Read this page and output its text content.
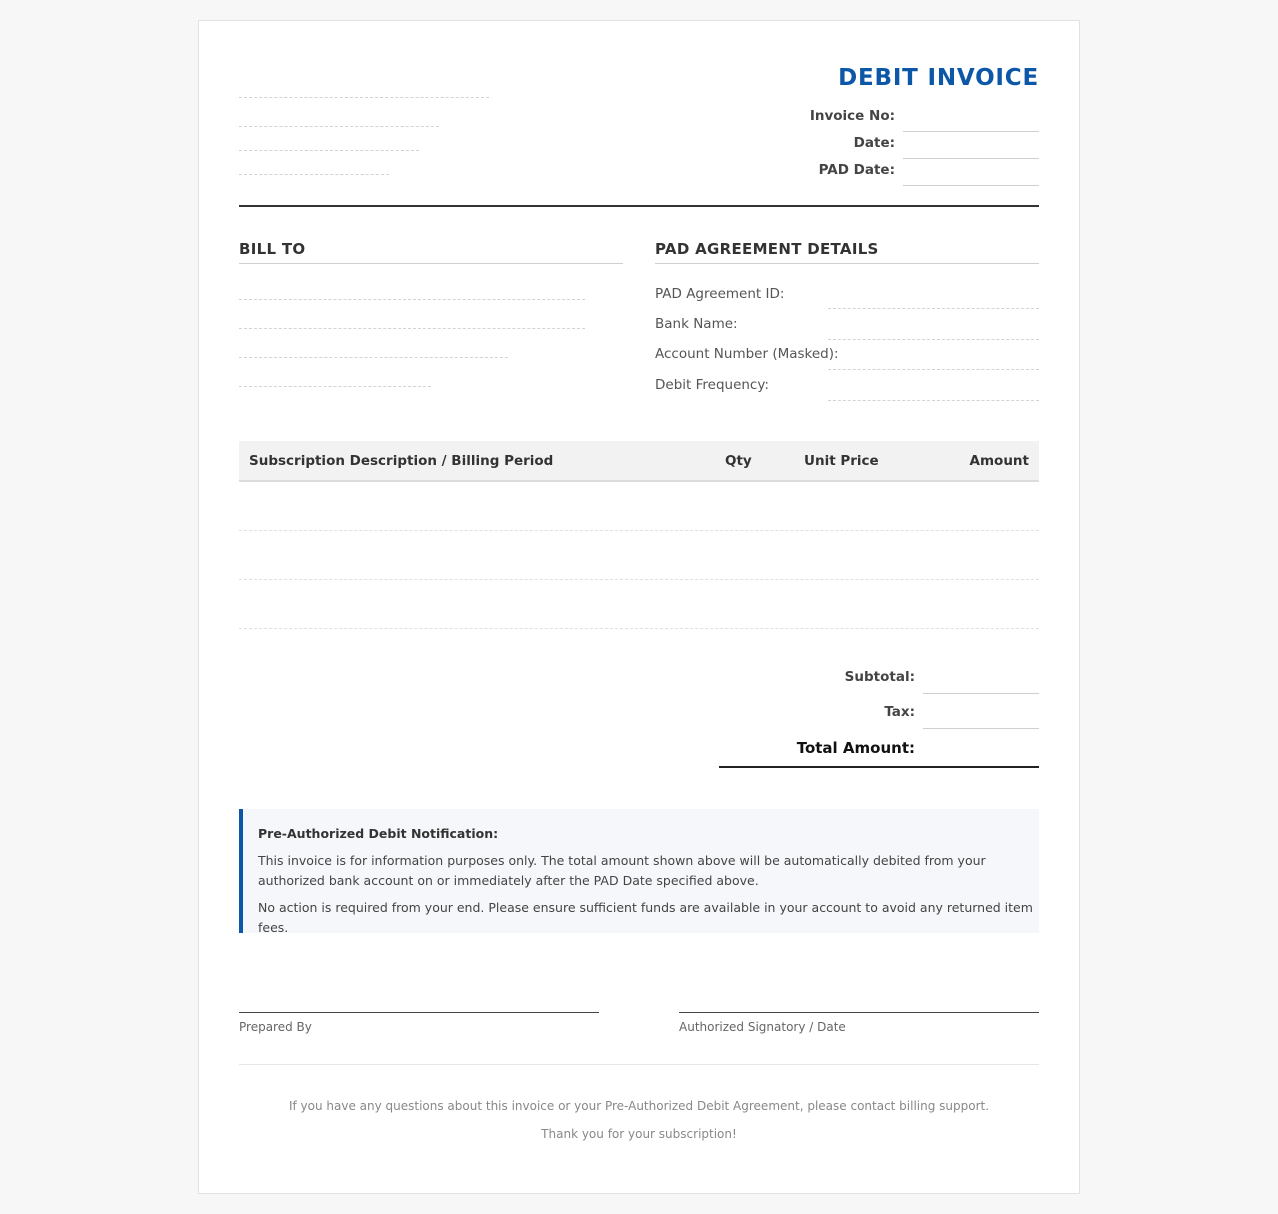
DEBIT INVOICE
Invoice No:
Date:
PAD Date:
BILL TO	PAD AGREEMENT DETAILS
PAD Agreement ID:
Bank Name:
Account Number (Masked):
Debit Frequency:
Subscription Description / Billing Period	Qty	Unit Price	Amount
Subtotal:
Tax:
Total Amount:
Pre-Authorized Debit Notification:
This invoice is for information purposes only. The total amount shown above will be automatically debited from your authorized bank account on or immediately after the PAD Date specified above.
No action is required from your end. Please ensure sufficient funds are available in your account to avoid any returned item fees.
Prepared By	Authorized Signatory / Date
If you have any questions about this invoice or your Pre-Authorized Debit Agreement, please contact billing support.
Thank you for your subscription!
